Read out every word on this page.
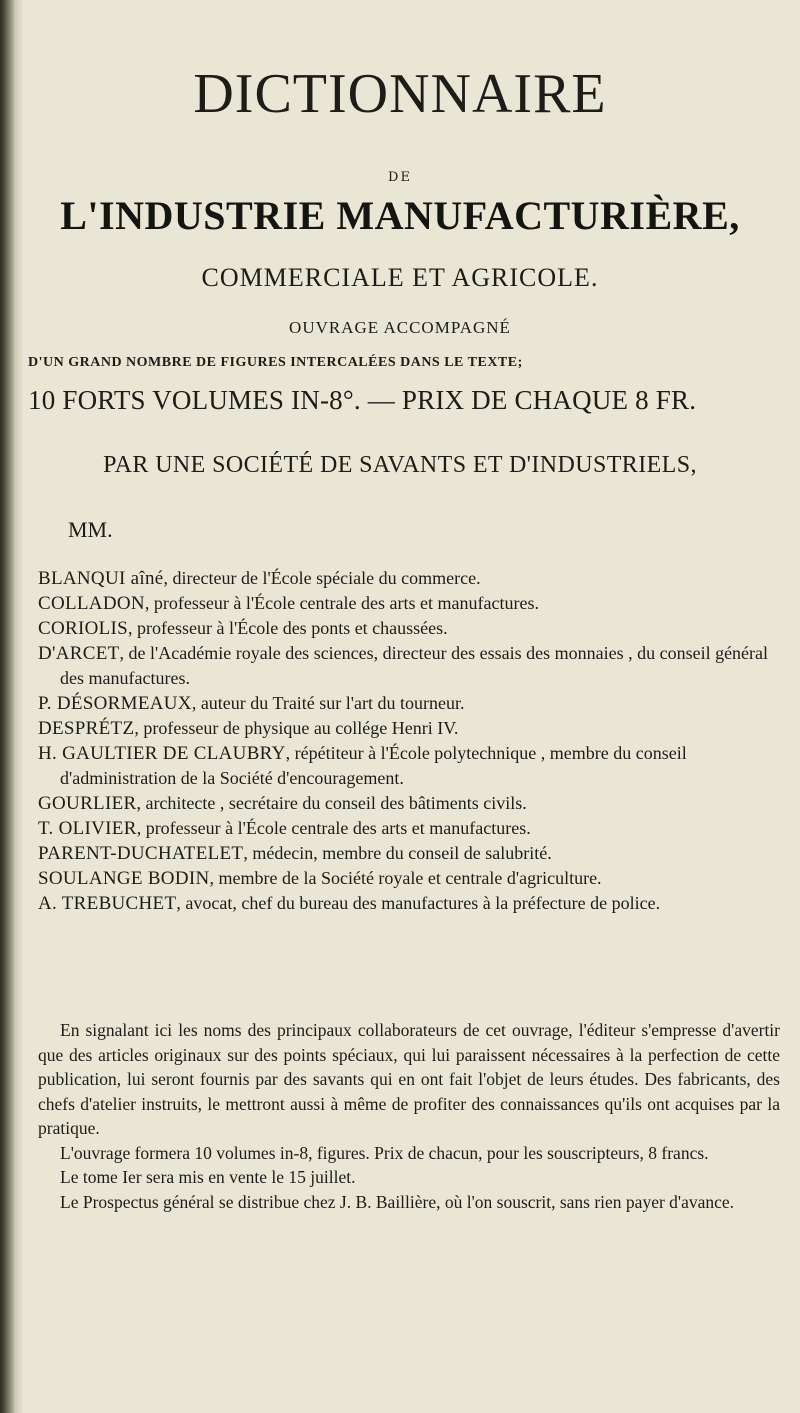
DICTIONNAIRE
DE
L'INDUSTRIE MANUFACTURIÈRE,
COMMERCIALE ET AGRICOLE.
OUVRAGE ACCOMPAGNÉ
D'UN GRAND NOMBRE DE FIGURES INTERCALÉES DANS LE TEXTE;
10 FORTS VOLUMES IN-8°. — PRIX DE CHAQUE 8 FR.
PAR UNE SOCIÉTÉ DE SAVANTS ET D'INDUSTRIELS,
MM.
BLANQUI aîné, directeur de l'École spéciale du commerce.
COLLADON, professeur à l'École centrale des arts et manufactures.
CORIOLIS, professeur à l'École des ponts et chaussées.
D'ARCET, de l'Académie royale des sciences, directeur des essais des monnaies , du conseil général des manufactures.
P. DÉSORMEAUX, auteur du Traité sur l'art du tourneur.
DESPRÉTZ, professeur de physique au collége Henri IV.
H. GAULTIER DE CLAUBRY, répétiteur à l'École polytechnique , membre du conseil d'administration de la Société d'encouragement.
GOURLIER, architecte , secrétaire du conseil des bâtiments civils.
T. OLIVIER, professeur à l'École centrale des arts et manufactures.
PARENT-DUCHATELET, médecin, membre du conseil de salubrité.
SOULANGE BODIN, membre de la Société royale et centrale d'agriculture.
A. TREBUCHET, avocat, chef du bureau des manufactures à la préfecture de police.

En signalant ici les noms des principaux collaborateurs de cet ouvrage, l'éditeur s'empresse d'avertir que des articles originaux sur des points spéciaux, qui lui paraissent nécessaires à la perfection de cette publication, lui seront fournis par des savants qui en ont fait l'objet de leurs études. Des fabricants, des chefs d'atelier instruits, le mettront aussi à même de profiter des connaissances qu'ils ont acquises par la pratique.

L'ouvrage formera 10 volumes in-8, figures. Prix de chacun, pour les souscripteurs, 8 francs.

Le tome Ier sera mis en vente le 15 juillet.

Le Prospectus général se distribue chez J. B. Baillière, où l'on souscrit, sans rien payer d'avance.
